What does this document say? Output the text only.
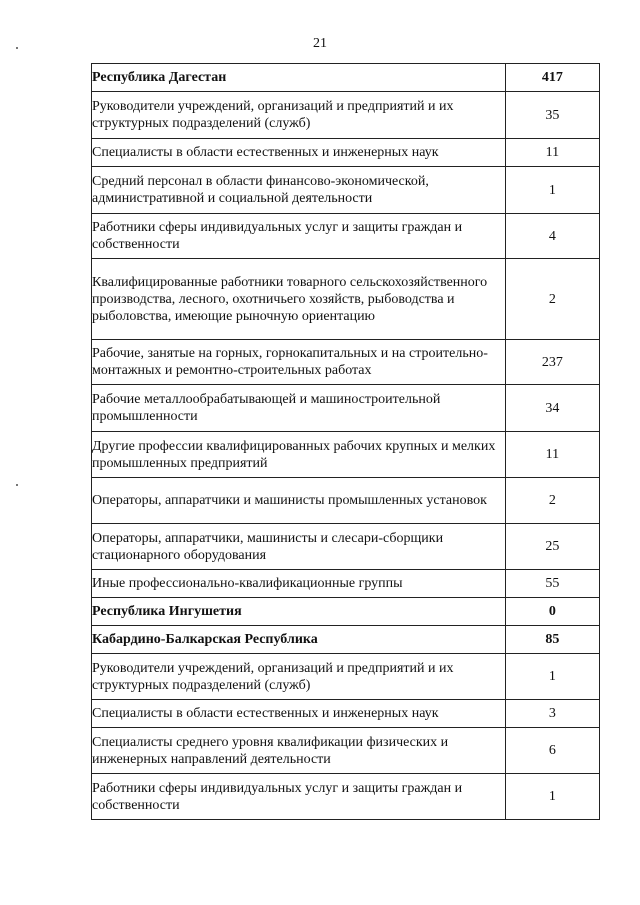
21
Республика Дагестан	417
Руководители учреждений, организаций и предприятий и их структурных подразделений (служб)	35
Специалисты в области естественных и инженерных наук	11
Средний персонал в области финансово-экономической, административной и социальной деятельности	1
Работники сферы индивидуальных услуг и защиты граждан и собственности	4
Квалифицированные работники товарного сельскохозяйственного производства, лесного, охотничьего хозяйств, рыбоводства и рыболовства, имеющие рыночную ориентацию	2
Рабочие, занятые на горных, горнокапитальных и на строительно-монтажных и ремонтно-строительных работах	237
Рабочие металлообрабатывающей и машиностроительной промышленности	34
Другие профессии квалифицированных рабочих крупных и мелких промышленных предприятий	11
Операторы, аппаратчики и машинисты промышленных установок	2
Операторы, аппаратчики, машинисты и слесари-сборщики стационарного оборудования	25
Иные профессионально-квалификационные группы	55
Республика Ингушетия	0
Кабардино-Балкарская Республика	85
Руководители учреждений, организаций и предприятий и их структурных подразделений (служб)	1
Специалисты в области естественных и инженерных наук	3
Специалисты среднего уровня квалификации физических и инженерных направлений деятельности	6
Работники сферы индивидуальных услуг и защиты граждан и собственности	1
